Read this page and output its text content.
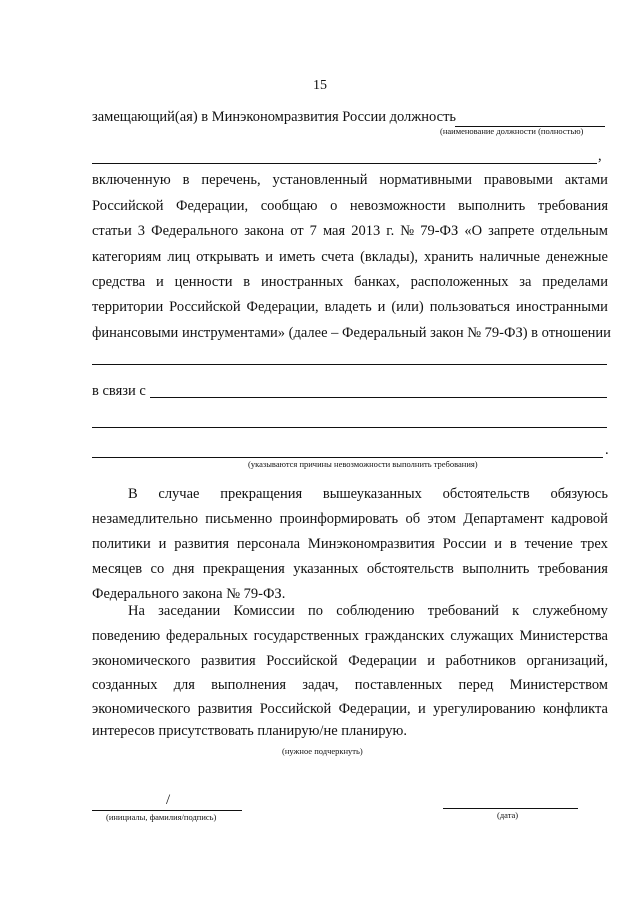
15
замещающий(ая) в Минэкономразвития России должность
(наименование должности (полностью)
,
включенную в перечень, установленный нормативными правовыми актами
Российской Федерации, сообщаю о невозможности выполнить требования
статьи 3 Федерального закона от 7 мая 2013 г. № 79-ФЗ «О запрете отдельным
категориям лиц открывать и иметь счета (вклады), хранить наличные денежные
средства и ценности в иностранных банках, расположенных за пределами
территории Российской Федерации, владеть и (или) пользоваться иностранными
финансовыми инструментами» (далее – Федеральный закон № 79-ФЗ) в отношении
в связи с
.
(указываются причины невозможности выполнить требования)
В случае прекращения вышеуказанных обстоятельств обязуюсь
незамедлительно письменно проинформировать об этом Департамент кадровой
политики и развития персонала Минэкономразвития России и в течение трех
месяцев со дня прекращения указанных обстоятельств выполнить требования
Федерального закона № 79-ФЗ.
На заседании Комиссии по соблюдению требований к служебному
поведению федеральных государственных гражданских служащих Министерства
экономического развития Российской Федерации и работников организаций,
созданных для выполнения задач, поставленных перед Министерством
экономического развития Российской Федерации, и урегулированию конфликта
интересов присутствовать планирую/не планирую.
(нужное подчеркнуть)
/
(инициалы, фамилия/подпись)	(дата)
